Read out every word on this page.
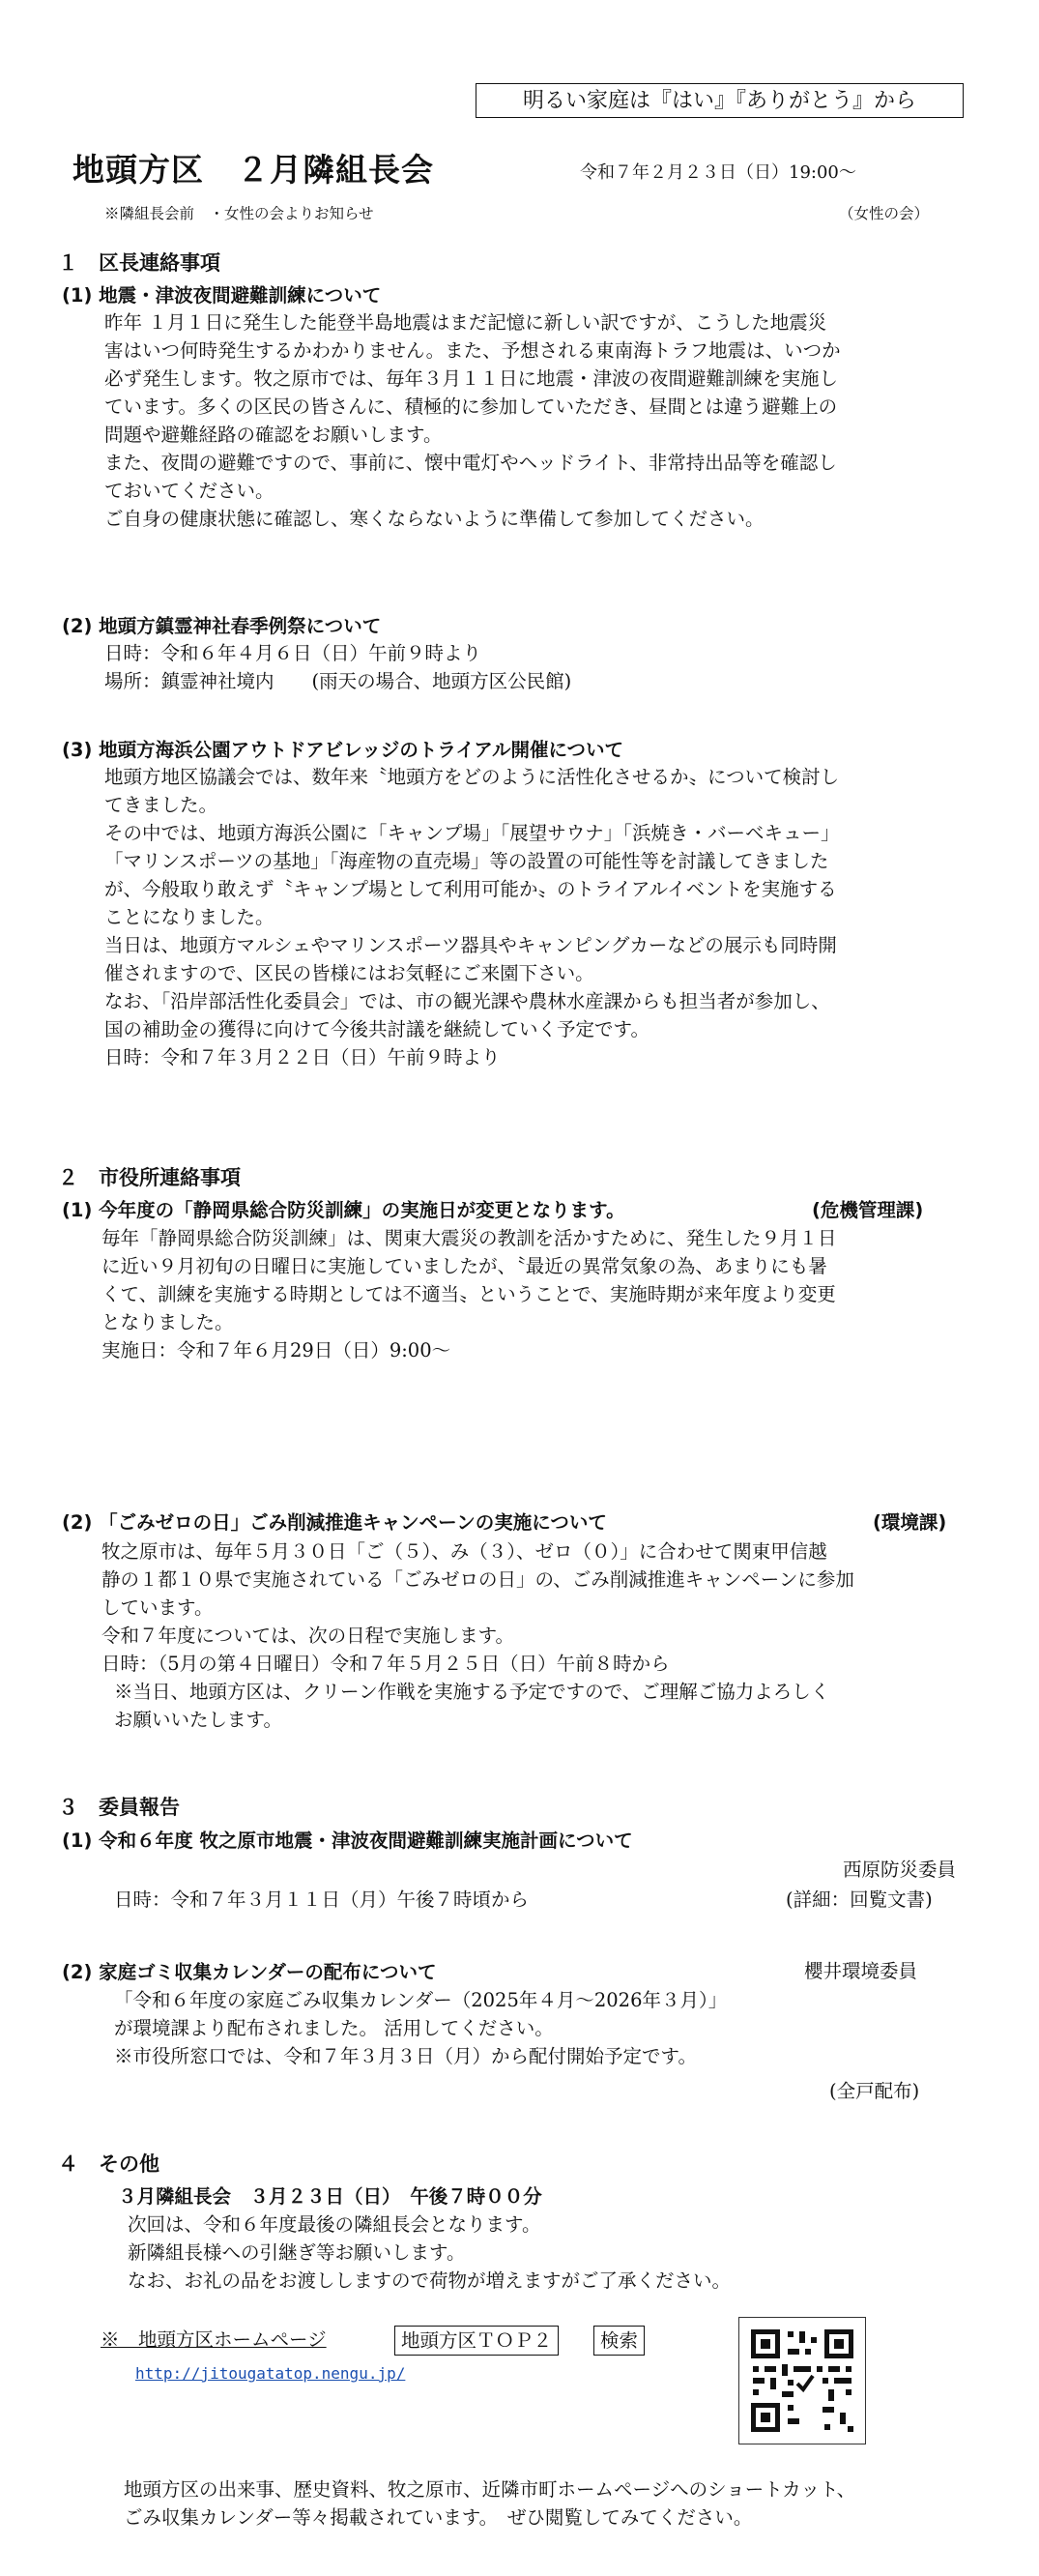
明るい家庭は『はい』『ありがとう』から
地頭方区　２月隣組長会	令和７年２月２３日（日）19:00～
※隣組長会前　・女性の会よりお知らせ	（女性の会）
１　区長連絡事項
(1) 地震・津波夜間避難訓練について
昨年 １月１日に発生した能登半島地震はまだ記憶に新しい訳ですが、こうした地震災
害はいつ何時発生するかわかりません。また、予想される東南海トラフ地震は、いつか
必ず発生します。牧之原市では、毎年３月１１日に地震・津波の夜間避難訓練を実施し
ています。多くの区民の皆さんに、積極的に参加していただき、昼間とは違う避難上の
問題や避難経路の確認をお願いします。
また、夜間の避難ですので、事前に、懐中電灯やヘッドライト、非常持出品等を確認し
ておいてください。
ご自身の健康状態に確認し、寒くならないように準備して参加してください。
(2) 地頭方鎮霊神社春季例祭について
日時：令和６年４月６日（日）午前９時より
場所：鎮霊神社境内　　(雨天の場合、地頭方区公民館)
(3) 地頭方海浜公園アウトドアビレッジのトライアル開催について
地頭方地区協議会では、数年来〝地頭方をどのように活性化させるか〟について検討し
てきました。
その中では、地頭方海浜公園に「キャンプ場」「展望サウナ」「浜焼き・バーベキュー」
「マリンスポーツの基地」「海産物の直売場」等の設置の可能性等を討議してきました
が、今般取り敢えず〝キャンプ場として利用可能か〟のトライアルイベントを実施する
ことになりました。
当日は、地頭方マルシェやマリンスポーツ器具やキャンピングカーなどの展示も同時開
催されますので、区民の皆様にはお気軽にご来園下さい。
なお、「沿岸部活性化委員会」では、市の観光課や農林水産課からも担当者が参加し、
国の補助金の獲得に向けて今後共討議を継続していく予定です。
日時：令和７年３月２２日（日）午前９時より
２　市役所連絡事項
(1) 今年度の「静岡県総合防災訓練」の実施日が変更となります。	(危機管理課)
毎年「静岡県総合防災訓練」は、関東大震災の教訓を活かすために、発生した９月１日
に近い９月初旬の日曜日に実施していましたが、〝最近の異常気象の為、あまりにも暑
くて、訓練を実施する時期としては不適当〟ということで、実施時期が来年度より変更
となりました。
実施日：令和７年６月29日（日）9:00～
(2) 「ごみゼロの日」ごみ削減推進キャンペーンの実施について	(環境課)
牧之原市は、毎年５月３０日「ご（５）、み（３）、ゼロ（０）」に合わせて関東甲信越
静の１都１０県で実施されている「ごみゼロの日」の、ごみ削減推進キャンペーンに参加
しています。
令和７年度については、次の日程で実施します。
日時：（5月の第４日曜日）令和７年５月２５日（日）午前８時から
※当日、地頭方区は、クリーン作戦を実施する予定ですので、ご理解ご協力よろしく
お願いいたします。
３　委員報告
(1) 令和６年度 牧之原市地震・津波夜間避難訓練実施計画について
西原防災委員
日時：令和７年３月１１日（月）午後７時頃から	(詳細：回覧文書)
(2) 家庭ゴミ収集カレンダーの配布について	櫻井環境委員
「令和６年度の家庭ごみ収集カレンダー（2025年４月～2026年３月）」
が環境課より配布されました。 活用してください。
※市役所窓口では、令和７年３月３日（月）から配付開始予定です。
(全戸配布)
４　その他
３月隣組長会　３月２３日（日）　午後７時００分
次回は、令和６年度最後の隣組長会となります。
新隣組長様への引継ぎ等お願いします。
なお、お礼の品をお渡ししますので荷物が増えますがご了承ください。
※　地頭方区ホームページ	地頭方区ＴＯＰ２	検索
http://jitougatatop.nengu.jp/
地頭方区の出来事、歴史資料、牧之原市、近隣市町ホームページへのショートカット、
ごみ収集カレンダー等々掲載されています。　ぜひ閲覧してみてください。
